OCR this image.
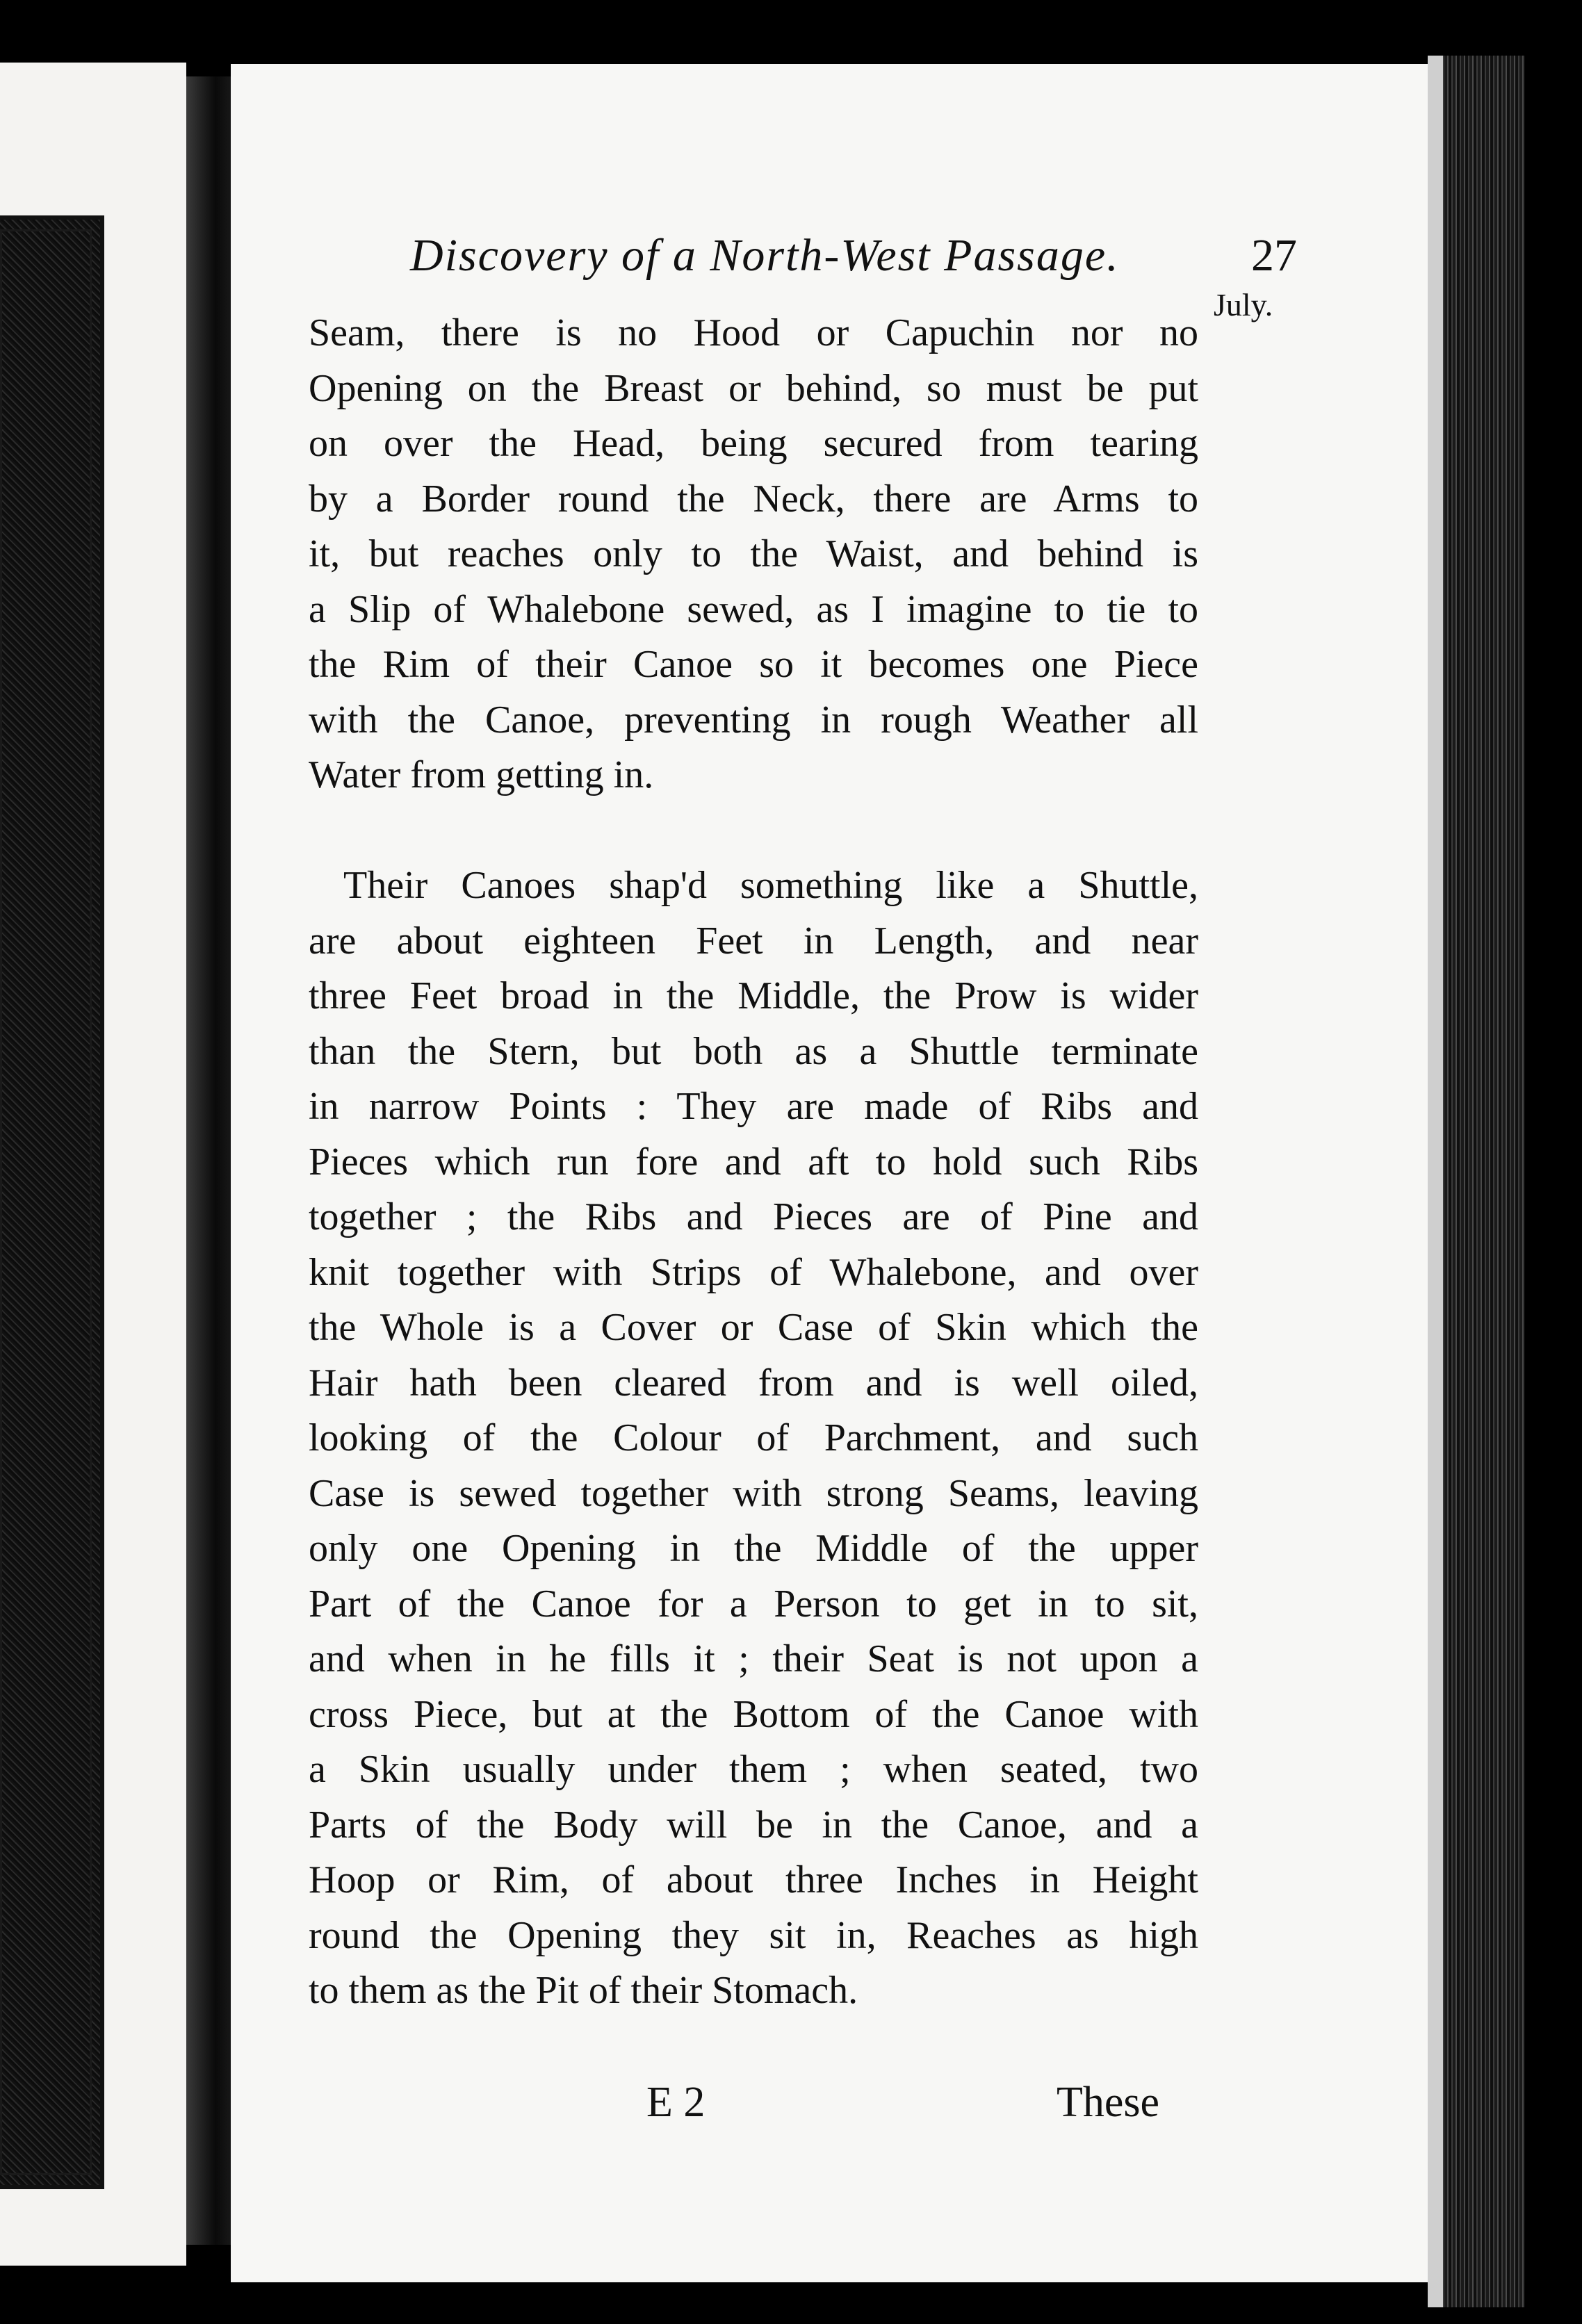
Discovery of a North-West Passage.	27
July.
Seam, there is no Hood or Capuchin nor no
Opening on the Breast or behind, so must be put
on over the Head, being secured from tearing
by a Border round the Neck, there are Arms to
it, but reaches only to the Waist, and behind is
a Slip of Whalebone sewed, as I imagine to tie to
the Rim of their Canoe so it becomes one Piece
with the Canoe, preventing in rough Weather all
Water from getting in.
Their Canoes shap'd something like a Shuttle,
are about eighteen Feet in Length, and near
three Feet broad in the Middle, the Prow is wider
than the Stern, but both as a Shuttle terminate
in narrow Points : They are made of Ribs and
Pieces which run fore and aft to hold such Ribs
together ; the Ribs and Pieces are of Pine and
knit together with Strips of Whalebone, and over
the Whole is a Cover or Case of Skin which the
Hair hath been cleared from and is well oiled,
looking of the Colour of Parchment, and such
Case is sewed together with strong Seams, leaving
only one Opening in the Middle of the upper
Part of the Canoe for a Person to get in to sit,
and when in he fills it ; their Seat is not upon a
cross Piece, but at the Bottom of the Canoe with
a Skin usually under them ; when seated, two
Parts of the Body will be in the Canoe, and a
Hoop or Rim, of about three Inches in Height
round the Opening they sit in, Reaches as high
to them as the Pit of their Stomach.
E 2	These
